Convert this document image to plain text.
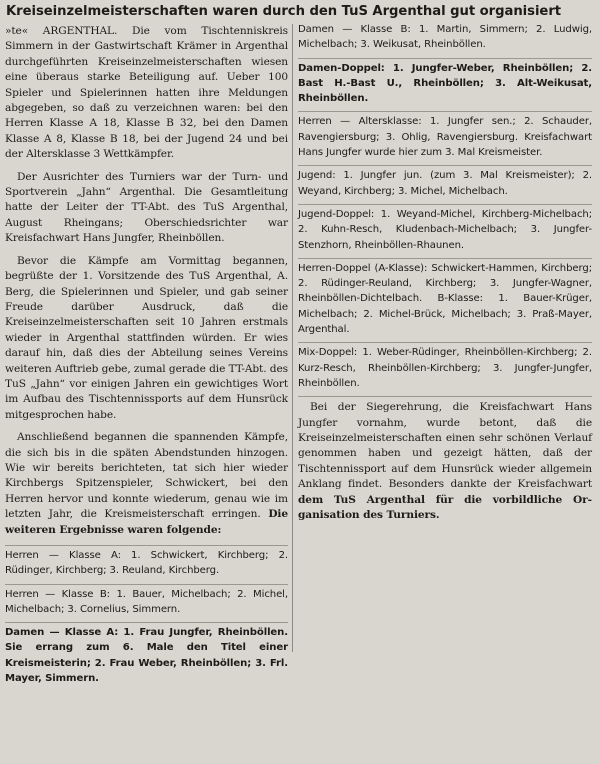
Kreiseinzelmeisterschaften waren durch den TuS Argenthal gut organisiert

»te« ARGENTHAL. Die vom Tischtenniskreis Simmern in der Gastwirtschaft Krämer in Argenthal durchgeführten Kreiseinzelmeisterschaften wiesen eine überaus starke Beteiligung auf. Ueber 100 Spieler und Spielerinnen hatten ihre Meldungen abgegeben, so daß zu verzeichnen waren: bei den Herren Klasse A 18, Klasse B 32, bei den Damen Klasse A 8, Klasse B 18, bei der Jugend 24 und bei der Altersklasse 3 Wettkämpfer.

Der Ausrichter des Turniers war der Turn- und Sportverein „Jahn“ Argenthal. Die Gesamtleitung hatte der Leiter der TT-Abt. des TuS Argenthal, August Rheingans; Oberschiedsrichter war Kreisfachwart Hans Jungfer, Rheinböllen.

Bevor die Kämpfe am Vormittag begannen, begrüßte der 1. Vorsitzende des TuS Argenthal, A. Berg, die Spielerinnen und Spieler, und gab seiner Freude darüber Ausdruck, daß die Kreiseinzelmeisterschaften seit 10 Jahren erstmals wieder in Argenthal stattfinden würden. Er wies darauf hin, daß dies der Abteilung seines Vereins weiteren Auftrieb gebe, zumal gerade die TT-Abt. des TuS „Jahn“ vor einigen Jahren ein gewichtiges Wort im Aufbau des Tischtennissports auf dem Hunsrück mitgesprochen habe.

Anschließend begannen die spannenden Kämpfe, die sich bis in die späten Abendstunden hinzogen. Wie wir bereits berichteten, tat sich hier wieder Kirchbergs Spitzenspieler, Schwickert, bei den Herren hervor und konnte wiederum, genau wie im letzten Jahr, die Kreismeisterschaft erringen. Die weiteren Ergebnisse waren folgende:

Herren — Klasse A: 1. Schwickert, Kirchberg; 2. Rüdinger, Kirchberg; 3. Reuland, Kirchberg.
Herren — Klasse B: 1. Bauer, Michelbach; 2. Michel, Michelbach; 3. Cornelius, Simmern.
Damen — Klasse A: 1. Frau Jungfer, Rheinböllen. Sie errang zum 6. Male den Titel einer Kreismeisterin; 2. Frau Weber, Rheinböllen; 3. Frl. Mayer, Simmern.
Damen — Klasse B: 1. Martin, Simmern; 2. Ludwig, Michelbach; 3. Weikusat, Rheinböllen.
Damen-Doppel: 1. Jungfer-Weber, Rheinböllen; 2. Bast H.-Bast U., Rheinböllen; 3. Alt-Weikusat, Rheinböllen.
Herren — Altersklasse: 1. Jungfer sen.; 2. Schauder, Ravengiersburg; 3. Ohlig, Ravengiersburg. Kreisfachwart Hans Jungfer wurde hier zum 3. Mal Kreismeister.
Jugend: 1. Jungfer jun. (zum 3. Mal Kreismeister); 2. Weyand, Kirchberg; 3. Michel, Michelbach.
Jugend-Doppel: 1. Weyand-Michel, Kirchberg-Michelbach; 2. Kuhn-Resch, Kludenbach-Michelbach; 3. Jungfer-Stenzhorn, Rheinböllen-Rhaunen.
Herren-Doppel (A-Klasse): Schwickert-Hammen, Kirchberg; 2. Rüdinger-Reuland, Kirchberg; 3. Jungfer-Wagner, Rheinböllen-Dichtelbach. B-Klasse: 1. Bauer-Krüger, Michelbach; 2. Michel-Brück, Michelbach; 3. Praß-Mayer, Argenthal.
Mix-Doppel: 1. Weber-Rüdinger, Rheinböllen-Kirchberg; 2. Kurz-Resch, Rheinböllen-Kirchberg; 3. Jungfer-Jungfer, Rheinböllen.

Bei der Siegerehrung, die Kreisfachwart Hans Jungfer vornahm, wurde betont, daß die Kreiseinzelmeisterschaften einen sehr schönen Verlauf genommen haben und gezeigt hätten, daß der Tischtennissport auf dem Hunsrück wieder allgemein Anklang findet. Besonders dankte der Kreisfachwart dem TuS Argenthal für die vorbildliche Organisation des Turniers.
